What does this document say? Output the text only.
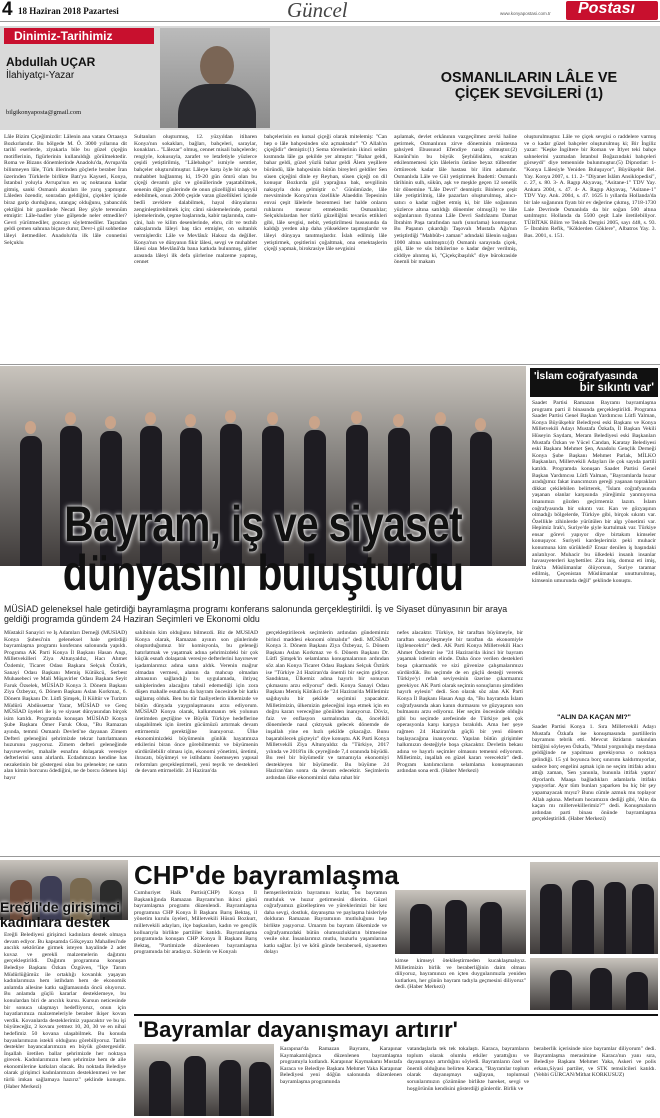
4 18 Haziran 2018 Pazartesi	Güncel	www.konyapostasi.com.tr Postası
Dinimiz-Tarihimiz
Abdullah UÇAR
İlahiyatçı-Yazar
bilgikonyaposta@gmail.com
OSMANLILARIN LÂLE VE
ÇİÇEK SEVGİLERİ (1)
Lâle Bizim Çiçeğimizdir: Lâlenin ana vatanı Ortaasya Bozkırlarıdır. Bu bölgede M. Ö. 3000 yıllarına dit tarihî eserlerde, ziyakarla bile bu güzel çiçeğin motiflerinin, figürlerinin kullanıldığı görülmektedir. Roma ve Bizans dönemlerinde Anadolu'da, Avrupa'da bilinmeyen lâle, Türk illerinden göçlerle beraber İran üzerinden Türklerle birlikte Batı'ya Kayseri, Konya, İstanbul yoluyla Avrupa'nın en uç noktasına kadar gitmiş, sanki Osmanlı akınları ile yarış yapmıştır. Lâleden özendir, sonradan geldiğini, çiçekler içinde biraz garip durduğunu, utangaç olduğunu, yabancılık çektiğini bir gazelinde Necati Bey şöyle terennüm etmiştir: Lâle-hadler yine gülşende neler etmediler? Gevri yürütmediler, goncayı söyletmediler. Taşradan geldi çemen sahnına biçare durur, Devr-i gül sohbetine lâleyi iletmediler. Anadolu'da ilk lâle connetini Selçuklu
Sultanları oluşturmuş, 12. yüzyıldan itibaren Konya'nın sokakları, bağları, bahçeleri, saraylar, konakları... "Lâlezar" olmuş, cennet misali bahçelerde; rengiyle, kokusuyla, zarafet ve letafetiyle yüzlerce çeşidi yetiştirilmiş, "Lâlebahçe" ismiyle semtler, bahçeler oluşturulmuştur. Lâleye karşı öyle bir aşk ve muhabbet bağlanmış ki, 19-20 gün ömrü olan bu çiçeği devamlı göz ve gönüllerinde yaşatabilmek, senenin diğer günlerinde de onun güzelliğini tahayyül edebilmek, onun 2000 çeşide varan güzellikleri içinde bedîi zevklere dalabilmek, hayal dünyalarını zenginleştirebilmek için; câmi süslemelerinde, portal işlemelerinde, çeşme başlarında, kabir taşlarında, cam-çini, halı ve kilim desenlerinde, ebru, cilt ve tezhib nakışlarında lâleyi baş tâcı etmişler, on sultanlık vermişlerdir. Lâle ve Mevlânâ: Haksız da değiller. Konya'nın ve dünyanın fikir lâlesi, sevgi ve muhabbet lâlesi olan Mevlânâ'da bana katkıda bulunmuş, şiirler arasında lâleyi ilk defa şiirlerine malzeme yapmış, cennet
bahçelerinin en kutsal çiçeği olarak mitelemiş: "Can hep o lâle bahçesinden söz açmaktadır" "O Allah'ın çiçeğidir" demiştir.(1) Sema törenlerinin ikinci selâm kısmında lâle ga şekilde yer almıştır: "Bahar geldi, bahar geldi, güzel yüzlü bahar geldi Âlem yeşillere büründü, lâle bahçesinin bütün bireyleri geldiler Sen süsen çiçeğini dinle ey Reyhan, süsen çiçeği on dil konuşur Bozkırda gül yaprağına bak, sevgilinin nakışıyla dolu gelmiştir o." Günümüzde, lâle mevsiminde Konya'nın özellikle Alaeddin Tepesinin envai çeşit lâlelerle bezenmesi her halde onların ruhlarını mesrur etmektedir. Osmanlılar; Selçuklulardan her türlü güzelliğini tevarüs ettikleri gibi, lâle sevgisi, nebit, yetiştirilmesi hususunda da kaldığı yerden alıp daha yükseklere taşımışlardır ve lâleyi dünyaya tanıtmışlardır. İslah edilmiş lâle yetiştirmek, çeşitlerini çoğaltmak, ona emektaşlerin çiçeği yapmak, birokrasiye lâle sevgisini
aşılamak, devlet erkânının vazgeçilmez zevki haline getirmek, Osmanlının zirve döneminin müstesna şahsiyeti Ebussuud Efendiye nasip olmuştur.(2) Kanûnî'nin bu büyük Şeyhülislâmı, scaktan etkilenmemesi için lâlelerin üstüne beyaz tülbentler örttürecek kadar lâle hastası bir ilim adamıdır. Osmanlıda Lâle ve Gül yetiştirmek İbadetti: Osmanlı târihinin sulh, sükûn, aşk ve meşkle geçen 12 senelik bir dönemine "Lâle Devri" denmiştir. Binlerce çeşit lâle yetiştirilmiş, lâle pazarları oluşturulmuş, alıcı-satıcı o kadar rağbet etmiş ki, bir lâle soğanının yüzlerce altına satıldığı dönemler olmuş(3) ve lâle soğanlarının fiyatına Lâle Devri Sadrâzamı Damat İbrahim Paşa tarafından narh (sınırlama) konmuştur. Bu Paşanın çıkardığı Taşovalı Mustafa Ağa'nın yetiştirdiği "Mahbûb-ı zaman" adındaki lâlenin soğanı 1000 altına satılmıştır.(4) Osmanlı sarayında çiçek, gül, lâle ve sûs bitkilerine o kadar değer verilmiş, ciddiye alınmış ki, "Çiçekçibaşılık" diye bürokraside önemli bir makam
oluşturulmuştur. Lâle ve çiçek sevgisi o raddelere varmış ve o kadar güzel bahçeler oluşturulmuş ki; Bir İngiliz yazar: "Keşke İngiltere bir Roman ve İtlyet teki bahçe sahnelerini yazmadan İstanbul Boğazındaki bahçeleri görseydi" diye temennide bulunmuştur.(5) Dipnotlar: 1- "Konya Lâlesiyle Yeniden Buluşuyor", Büyükşehir Bel. Yay. Konya 2007, s. 11. 2- "Diyanet İslâm Ansiklopedisi", c. 27, s. 80. 3- A. Ragıp Akyavaş, "Asitane-1" TDV Yay. Ankara 2004, s. 47. 4- A. Ragıp Akyavaş, "Asitane-1" TDV Yay. Ank. 2004, s. 47. 1625 lı yıllarda Hollanda'da bir lale soğanının fiyatı bir ev değerine çıkmış, 1718-1730 Lale Devrinde Osmanlıda da bir soğan 500 altına satılmıştır. Hollanda da 5500 çeşit Lale üretilebiliyor. TÜBİTAK Bilim ve Teknik Dergisi 2005, sayı 448, s. 93. 5- İbrahim Refik, "Köklerden Göklere", Albatros Yay. 3. Bas. 2001, s. 151.
Bayram, iş ve siyaset
dünyasını buluşturdu
MÜSİAD geleneksel hale getirdiği bayramlaşma programı konferans salonunda gerçekleştirildi. İş ve Siyaset dünyasının bir araya geldiği programda gündem 24 Haziran Seçimleri ve Ekonomi oldu
Müstakil Sanayici ve İş Adamları Derneği (MÜSİAD) Konya Şubesi'nin geleneksel hale getirdiği bayramlaşma programı konferans salonunda yapıldı. Programa AK Parti Konya İl Başkanı Hasan Angı, Milletvekilleri Ziya Altunyaldız, Hacı Ahmet Özdemir, Ticaret Odası Başkanı Selçuk Öztürk, Sanayi Odası Başkanı Memiş Kütükcü, Serbest Muhasebeci ve Mali Müşavirler Odası Başkanı Seyit Faruk Özselek, MÜSİAD Konya 3. Dönem Başkanı Ziya Özbeyaz, 6. Dönem Başkanı Aslan Korkmaz, 6. Dönem Başkanı Dr. Lütfi Şimşek, İl Kültür ve Turizm Müdürü Abdüssettar Yarar, MÜSİAD ve Genç MÜSİAD üyeleri ile iş ve siyaset dünyasından birçok isim katıldı. Programda konuşan MÜSİAD Konya Şube Başkanı Ömer Faruk Oksa, "Bu Ramazan ayında, temmi Osmanlı Devleti'ne dayanan Zimem Defteri geleneğini şehrimizde tekrar hatırlatmanın huzurunu yaşıyoruz. Zimem defteri geleneğinde hayırseverler, mahalle esnafını dolaşarak veresiye defterlerini satın alırlardı. Ecdadımızın kendine has nezaketinin bir göstergesi olan bu gelenekte; ne satın alan kimin borcunu ödediğini, ne de borcu ödenen kişi hayır
sahibinin kim olduğunu bilmezdi. Biz de MÜSİAD Konya olarak, Ramazan ayının son günlerinde oluşturduğumuz bir komisyonla, bu geleneği hatırlatmak ve yaşatmak adına şehrimizdeki bir çok küçük esnafı dolaşarak veresiye defterlerini hayırsever işadamlarımız adına satın aldık. Verenin mağrur olmadan vermesi, alanın da mahcup olmadan almasının sağlandığı bu uygulamada, ihtiyaç sahiplerinden alacağını tahsil edemediği için zora düşen mahalle esnafına da bayram öncesinde bir katkı sağlamış olduk. Ben bu tür faaliyetlerin ülkemizde ve bütün dünyada yaygınlaşmasını arzu ediyorum. MÜSİAD Konya olarak, kalkınmanın tek yolunun üretimden geçtiğine ve Büyük Türkiye hedeflerine ulaşabilmek için üretim gücümüzü artırmak devam ettirmemiz gerektiğine inanıyoruz. Ülke ekonomimizdeki büyümenin günlük hayatımıza etkilerini biran önce görebilmemiz ve büyümenin sürdürülebilir olması için, ekonomi yönetimi, üretimi, ihracatı, büyümeyi ve istihdamı önemseyen yapısal reformları gerçekleştirmeli, yeni teşvik ve destekleri de devam ettirmelidir. 24 Haziran'da
gerçekleştirilecek seçimlerin ardından gündemimiz birinci maddesi ekonomi olmalıdır" dedi. MÜSİAD Konya 3. Dönem Başkanı Ziya Özbeyaz, 5. Dönem Başkanı Aslan Korkmaz ve 6. Dönem Başkanı Dr. Lütfi Şimşek'in selamlama konuşmalarının ardından söz alan Konya Ticaret Odası Başkanı Selçuk Öztürk ise "Türkiye 24 Haziran'da önemli bir seçim gidiyor. Sandıktan, Ülkemiz adına hayırlı bir sonucun çıkmasını arzu ediyoruz" dedi. Konya Sanayi Odası Başkanı Memiş Kütükcü de "24 Haziran'da Milletimiz sağduyulu bir şekilde seçimini yapacaktır. Milletimizin, ülkemizin geleceğini inşa etmek için en doğru kararı vereceğine gönülden inanıyoruz. Döviz, faiz ve enflasyon sarmalından da, öncelikli dönemlerde nasıl çıktıysak gelecek dönemde de inşallah yine en hızlı şekilde çıkacağız. Bunu başarabilecek güçteyiz" diye konuştu. AK Parti Konya Milletvekili Ziya Altunyaldız da "Türkiye, 2017 yılında ve 2018'in ilk çeyreğinde 7,4 oranında büyüdü. Bu reel bir büyümedir ve tamamıyla ekonomiyi destekleyen bir büyümedir. Bu büyüme 24 Haziran'dan sonra da devam edecektir. Seçimlerin ardından ülke ekonomimizi daha rahat bir
nefes alacaktır. Türkiye, bir taraftan büyümeyle, bir taraftan sanayileşmeyle bir taraftan da ekonomiyle ilgilenecektir" dedi. AK Parti Konya Milletvekili Hacı Ahmet Özdemir ise "24 Haziran'da ikinci bir bayram yaşamak istlerim elinde. Daha önce verilen destekleri boşa çıkarmadık ve sizi güvenize çalışmalarımızı sürdürdük. Bu seçimde de en güçlü desteği vererek Türkiye'yi refah seviyesinin üzerine çıkarmamız gerekiyor. AK Parti olarak seçimin sonuçlarını şimdiden hayırlı eylesin" dedi. Son olarak söz alan AK Parti Konya İl Başkanı Hasan Angı da, "Bu bayramda İslam coğrafyasında akan kanın durmasını ve güzyaşının son bulmasını arzu ediyoruz. Her seçim öncesinde olduğu gibi bu seçimde arefesinde de Türkiye pek çok operasyonla karşı karşıya bırakıldı. Ama her şeye rağmen 24 Haziran'da güçlü bir yeni dönem başlayacağına inanıyoruz. Yapılan bütün girişimler halkımızın desteğiyle boşa çıkacaktır. Devletin bekası adına ve hayırlı seçimler olmasını temenni ediyorum. Milletimiz, inşallah en güzel kararı verecektir" dedi. Program katılımcıların selamlama konuşmasının ardından sona erdi. (Haber Merkezi)
'İslam coğrafyasında
bir sıkıntı var'
Saadet Partisi Ramazan Bayramı bayramlaşma programı parti il binasında gerçekleştirildi. Programa Saadet Partisi Genel Başkan Yardımcısı Lütfi Yalman, Konya Büyükşehir Belediyesi eski Başkanı ve Konya Milletvekili Adayı Mustafa Özkafa, İl Başkan Vekili Hüseyin Saydam, Meram Belediyesi eski Başkanları Mustafa Özkan ve Yücel Candan, Karatay Belediyesi eski Başkanı Mehmet Şen, Anadolu Gençlik Derneği Konya Şube Başkanı Mehmet Parlak, MİLKO Başkanları, Milletvekili Adayları ile çok sayıda partili katıldı. Programda konuşan Saadet Partisi Genel Başkan Yardımcısı Lütfi Yalman, "Bayramlarda huzur aradığımız fakat inancımızın gereği yaşanan toprakları dikkat çekilebilen belirterek, "İslam coğrafyasında yaşanan olanlar karşısında yüreğimiz yanmıyorsa imanımızı gözden geçirmemiz lazım. İslam coğrafyasında bir sıkıntı var. Kan ve gözyaşının olmadığı bölgelerde, Türkiye gibi, birçok sıkıntı var. Özellikle zihinlerde yürütülen bir algı yönetimi var. Hepimiz Irak'ı, Suriye'de şiyle kurtulmak var. Türkiye ensar görevi yapıyor diye birtakım kimseler konuşuyor. Suriyeli kardeşlerimiz peki muhacir konumuna kim sürükledi? Ensar denilen iş başındaki anlatılıyor. Muhacir bu ülkedeki insanlı insanlar havasıyeterleri kaybettiler. Zira iniş, domuz eti imiş, Irak'ta Müslümanlar ölüyorsun, Suriye taramar edilmiş, Çeçenistan Müslümanlar unutturulmuş, kimsenin umurunda değil" şeklinde konuştu.
"ALIN DA KAÇAN MI?"
Saadet Partisi Konya 1. Sıra Milletvekili Adayı Mustafa Özkafa ise konuşmasında partililerin bayramını tebrik etti. Mevcut iktidarın takınılan bittiğini söyleyen Özkafa, "Mutal yorgunluğu meydana geldiğinde ne yapılması gerekiyorsa o noktaya gelindiği. 15 yıl boyunca borç sınırımı kaldırmıyorlar, sadece borç engelini aşmak için ne seçim ittifakı adını attığı zaman, 'Sen yanunla, bununla ittifak yaptın' diyorlardı. Maaşa bağladıkları adamlarla ittifakı yapıyorlar. Ayır tüm bunları yaparken bu hiç bir şey yapamayacak mıyız? Bunu cümle azmuk mu toplayor Allah aşkına. Merhum hocamızın dediği gibi, 'Alın da kaçan mı milletvekillerimiz?'" dedi. Konuşmaların ardından parti binası önünde bayramlaşma gerçekleştirildi. (Haber Merkezi)
Ereğli'de girişimci
kadınlara destek
Ereğli Belediyesi girişimci kadınlara destek olmaya devam ediyor. Bu kapsamda Gökçeyazı Mahallesi'nde ancılık sektörüne girmek isteyen hayalinde 2 adet kuvaz ve gerekli malzemelerin dağıtımı gerçekleştirildi. Dağıtım programına konuşan Belediye Başkanı Özkan Özgüven, "İlçe Tarım Müdürlüğümüz ile ortaklığı kovanlık yaşayan kadınlarımıza hem istihdam hem de ekonomik anlamda ailesine katkı sağlamasında öncü oluyoruz. Bu anlamda güçlü kararlar desteklemeye, bu konulardan biri de arıcılık kursu. Kursun neticesinde bir sonuca ulaşmayı hedefliyoruz, onun için hayatlarımıza malzemeleriyle beraber ikişer kovan verdik. Kovanlarda desteklerimiz yapacaktır ve bu işi büyüteceğiz, 2 kovanı yetmez 10, 20, 30 ve en nihai hedefimiz 50 kovana ulaşabilmek. Bu konuda bayanlarımızın istekli olduğunu görebiliyoruz. Tarihi destekler bayancalarımızın en büyük göstergesidir. İnşallah üretilen ballar şehrimizde her noktaya girecek. Kadınlarımızın hem şehrimize hem de aile ekonomilerine katkıları olacak. Bu noktada Belediye olarak girişimci kadınlarımızın desteklenmesi ve her türlü imkan sağlamaya hazırız" şeklinde konuştu. (Haber Merkezi)
CHP'de bayramlaşma
Cumhuriyet Halk Partisi(CHP) Konya İl Başkanlığında Ramazan Bayramı'nın ikinci günü bayramlaşma programı düzenlendi. Bayramlaşma programına CHP Konya İl Başkanı Barış Bektaş, il yönetim kurulu üyeleri, Milletvekili Hüsnü Bozkurt, milletvekili adayları, ilçe başkanları, kadın ve gençlik kolluarıyla birlikte partililer katıldı. Bayramlaşma programında konuşan CHP Konya İl Başkanı Barış Bektaş, "Partimizde düzenlenen bayramlaşma programında bir aradayız. Sizlerin ve Konyalı
hemşerilerimizin bayramını kutlar, bu bayramın mutluluk ve huzur getirmesini dilerim. Güzel coğrafyamızı güzelleştiren ve yüreklerimizi bir kez daha sevgi, dostluk, dayanışma ve paylaşma hisleriyle dolduran Ramazan Bayramının mutluluğunu hep birlikte yaşıyoruz. Umarım bu bayram ülkemizde ve coğrafyamızdaki bütün olumsuzlukların bitmesine vesile olur. İnsanlarımız mutlu, huzurlu yaşamlarına katkı sağlar. İyi ve kötü günde beraberseñ, siyasetten dolayı
kimse kimseyi ötekileştirmeden kucaklaşmalıyız. Milletimizin birlik ve beraberliğinin daim olması diliyoruz, bayramınızı en içten duygularımızla yeniden kutlarken, her günün bayram tadıyla geçmesini diliyoruz" dedi. (Haber Merkezi)
'Bayramlar dayanışmayı artırır'
Karapınar'da Ramazan Bayramı, Karapınar Kaymakamlığınca düzenlenen bayramlaşma programıyla kutlandı. Karapınar Kaymakamı Mustafa Karaca ve Belediye Başkanı Mehmet Yaka Karapınar Belediyesi yeni döğün salonunda düzenlenen bayramlaşma programında
vatandaşlarla tek tek tokalaştı. Karaca, bayramların toplum olarak olumlu etkiler yarattığını ve dayanışmayı artırdığını söyledi. Bayramların özel ve önemli olduğunu belirten Karaca, "Bayramlar toplum olarak dayanışmayı sağlayan, toplumsal sorunlarımızın çözümüne birlikte hareket, sevgi ve hoşgörünün kendisini gösterdiği günlerdir. Birlik ve
beraberlik içerisinde nice bayramlar diliyorum" dedi. Bayramlaşma merasimine Karaca'nın yanı sıra, Belediye Başkanı Mehmet Yaka, Askeri ve polis erkanı,Siyasi partiler, ve STK temsilcileri katıldı. (Vehbi GÜRCAN/Mithat KORKUSUZ)
